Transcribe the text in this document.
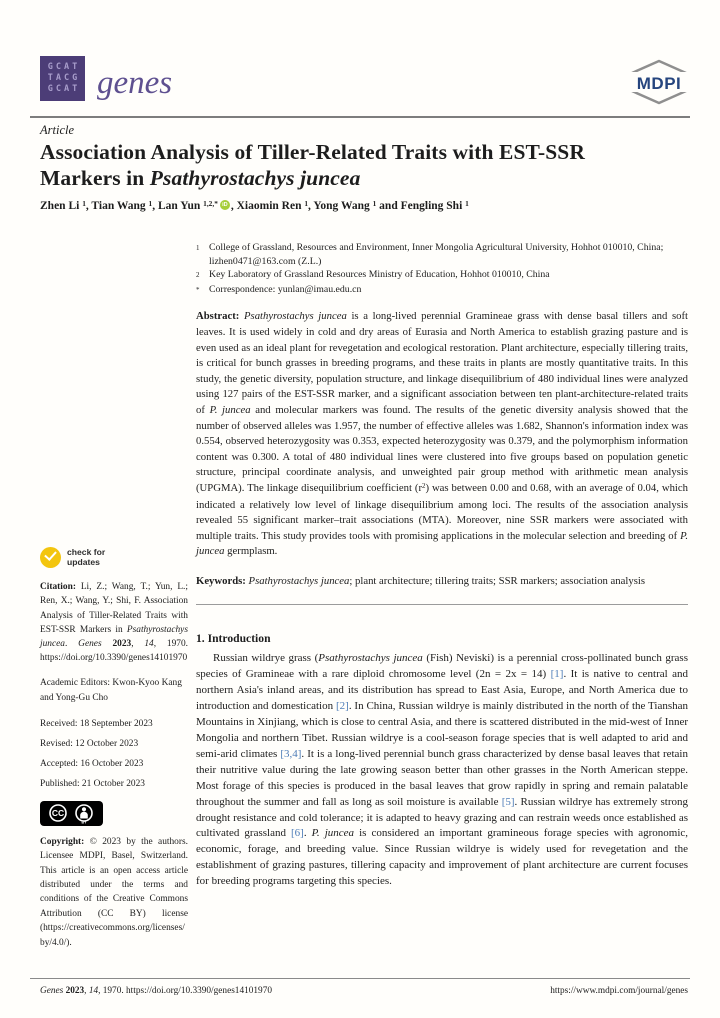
GCAT
TACG
GCAT genes	MDPI
Article
Association Analysis of Tiller-Related Traits with EST-SSR
Markers in Psathyrostachys juncea
Zhen Li $^1$, Tian Wang $^1$, Lan Yun $^{1,2,*}$ iD , Xiaomin Ren $^1$, Yong Wang $^1$ and Fengling Shi $^1$
1 College of Grassland, Resources and Environment, Inner Mongolia Agricultural University, Hohhot 010010, China; lizhen0471@163.com (Z.L.)
2 Key Laboratory of Grassland Resources Ministry of Education, Hohhot 010010, China
* Correspondence: yunlan@imau.edu.cn
Abstract: Psathyrostachys juncea is a long-lived perennial Gramineae grass with dense basal tillers and soft leaves. It is used widely in cold and dry areas of Eurasia and North America to establish grazing pasture and is even used as an ideal plant for revegetation and ecological restoration. Plant architecture, especially tillering traits, is critical for bunch grasses in breeding programs, and these traits in plants are mostly quantitative traits. In this study, the genetic diversity, population structure, and linkage disequilibrium of 480 individual lines were analyzed using 127 pairs of the EST-SSR marker, and a significant association between ten plant-architecture-related traits of P. juncea and molecular markers was found. The results of the genetic diversity analysis showed that the number of observed alleles was 1.957, the number of effective alleles was 1.682, Shannon's information index was 0.554, observed heterozygosity was 0.353, expected heterozygosity was 0.379, and the polymorphism information content was 0.300. A total of 480 individual lines were clustered into five groups based on population genetic structure, principal coordinate analysis, and unweighted pair group method with arithmetic mean analysis (UPGMA). The linkage disequilibrium coefficient $(r^2)$ was between 0.00 and 0.68, with an average of 0.04, which indicated a relatively low level of linkage disequilibrium among loci. The results of the association analysis revealed 55 significant marker–trait associations (MTA). Moreover, nine SSR markers were associated with multiple traits. This study provides tools with promising applications in the molecular selection and breeding of P. juncea germplasm.
Keywords: Psathyrostachys juncea; plant architecture; tillering traits; SSR markers; association analysis
1. Introduction
Russian wildrye grass (Psathyrostachys juncea (Fish) Neviski) is a perennial cross-pollinated bunch grass species of Gramineae with a rare diploid chromosome level (2n = 2x = 14) [1]. It is native to central and northern Asia's inland areas, and its distribution has spread to East Asia, Europe, and North America due to introduction and domestication [2]. In China, Russian wildrye is mainly distributed in the north of the Tianshan Mountains in Xinjiang, which is close to central Asia, and there is scattered distributed in the mid-west of Inner Mongolia and northern Tibet. Russian wildrye is a cool-season forage species that is well adapted to arid and semi-arid climates [3,4]. It is a long-lived perennial bunch grass characterized by dense basal leaves that retain their nutritive value during the late growing season better than other grasses in the North American steppe. Most forage of this species is produced in the basal leaves that grow rapidly in spring and remain palatable throughout the summer and fall as long as soil moisture is available [5]. Russian wildrye has extremely strong drought resistance and cold tolerance; it is adapted to heavy grazing and can restrain weeds once established as cultivated grassland [6]. P. juncea is considered an important gramineous forage species with agronomic, economic, forage, and breeding value. Since Russian wildrye is widely used for revegetation and the establishment of grazing pastures, tillering capacity and improvement of plant architecture are current focuses for breeding programs targeting this species.
check for
updates
Citation: Li, Z.; Wang, T.; Yun, L.; Ren, X.; Wang, Y.; Shi, F. Association Analysis of Tiller-Related Traits with EST-SSR Markers in Psathyrostachys juncea. Genes 2023, 14, 1970. https://doi.org/10.3390/genes14101970
Academic Editors: Kwon-Kyoo Kang and Yong-Gu Cho
Received: 18 September 2023
Revised: 12 October 2023
Accepted: 16 October 2023
Published: 21 October 2023
CC
BY
Copyright: © 2023 by the authors. Licensee MDPI, Basel, Switzerland. This article is an open access article distributed under the terms and conditions of the Creative Commons Attribution (CC BY) license (https://creativecommons.org/licenses/by/4.0/).
Genes 2023, 14, 1970. https://doi.org/10.3390/genes14101970	https://www.mdpi.com/journal/genes
